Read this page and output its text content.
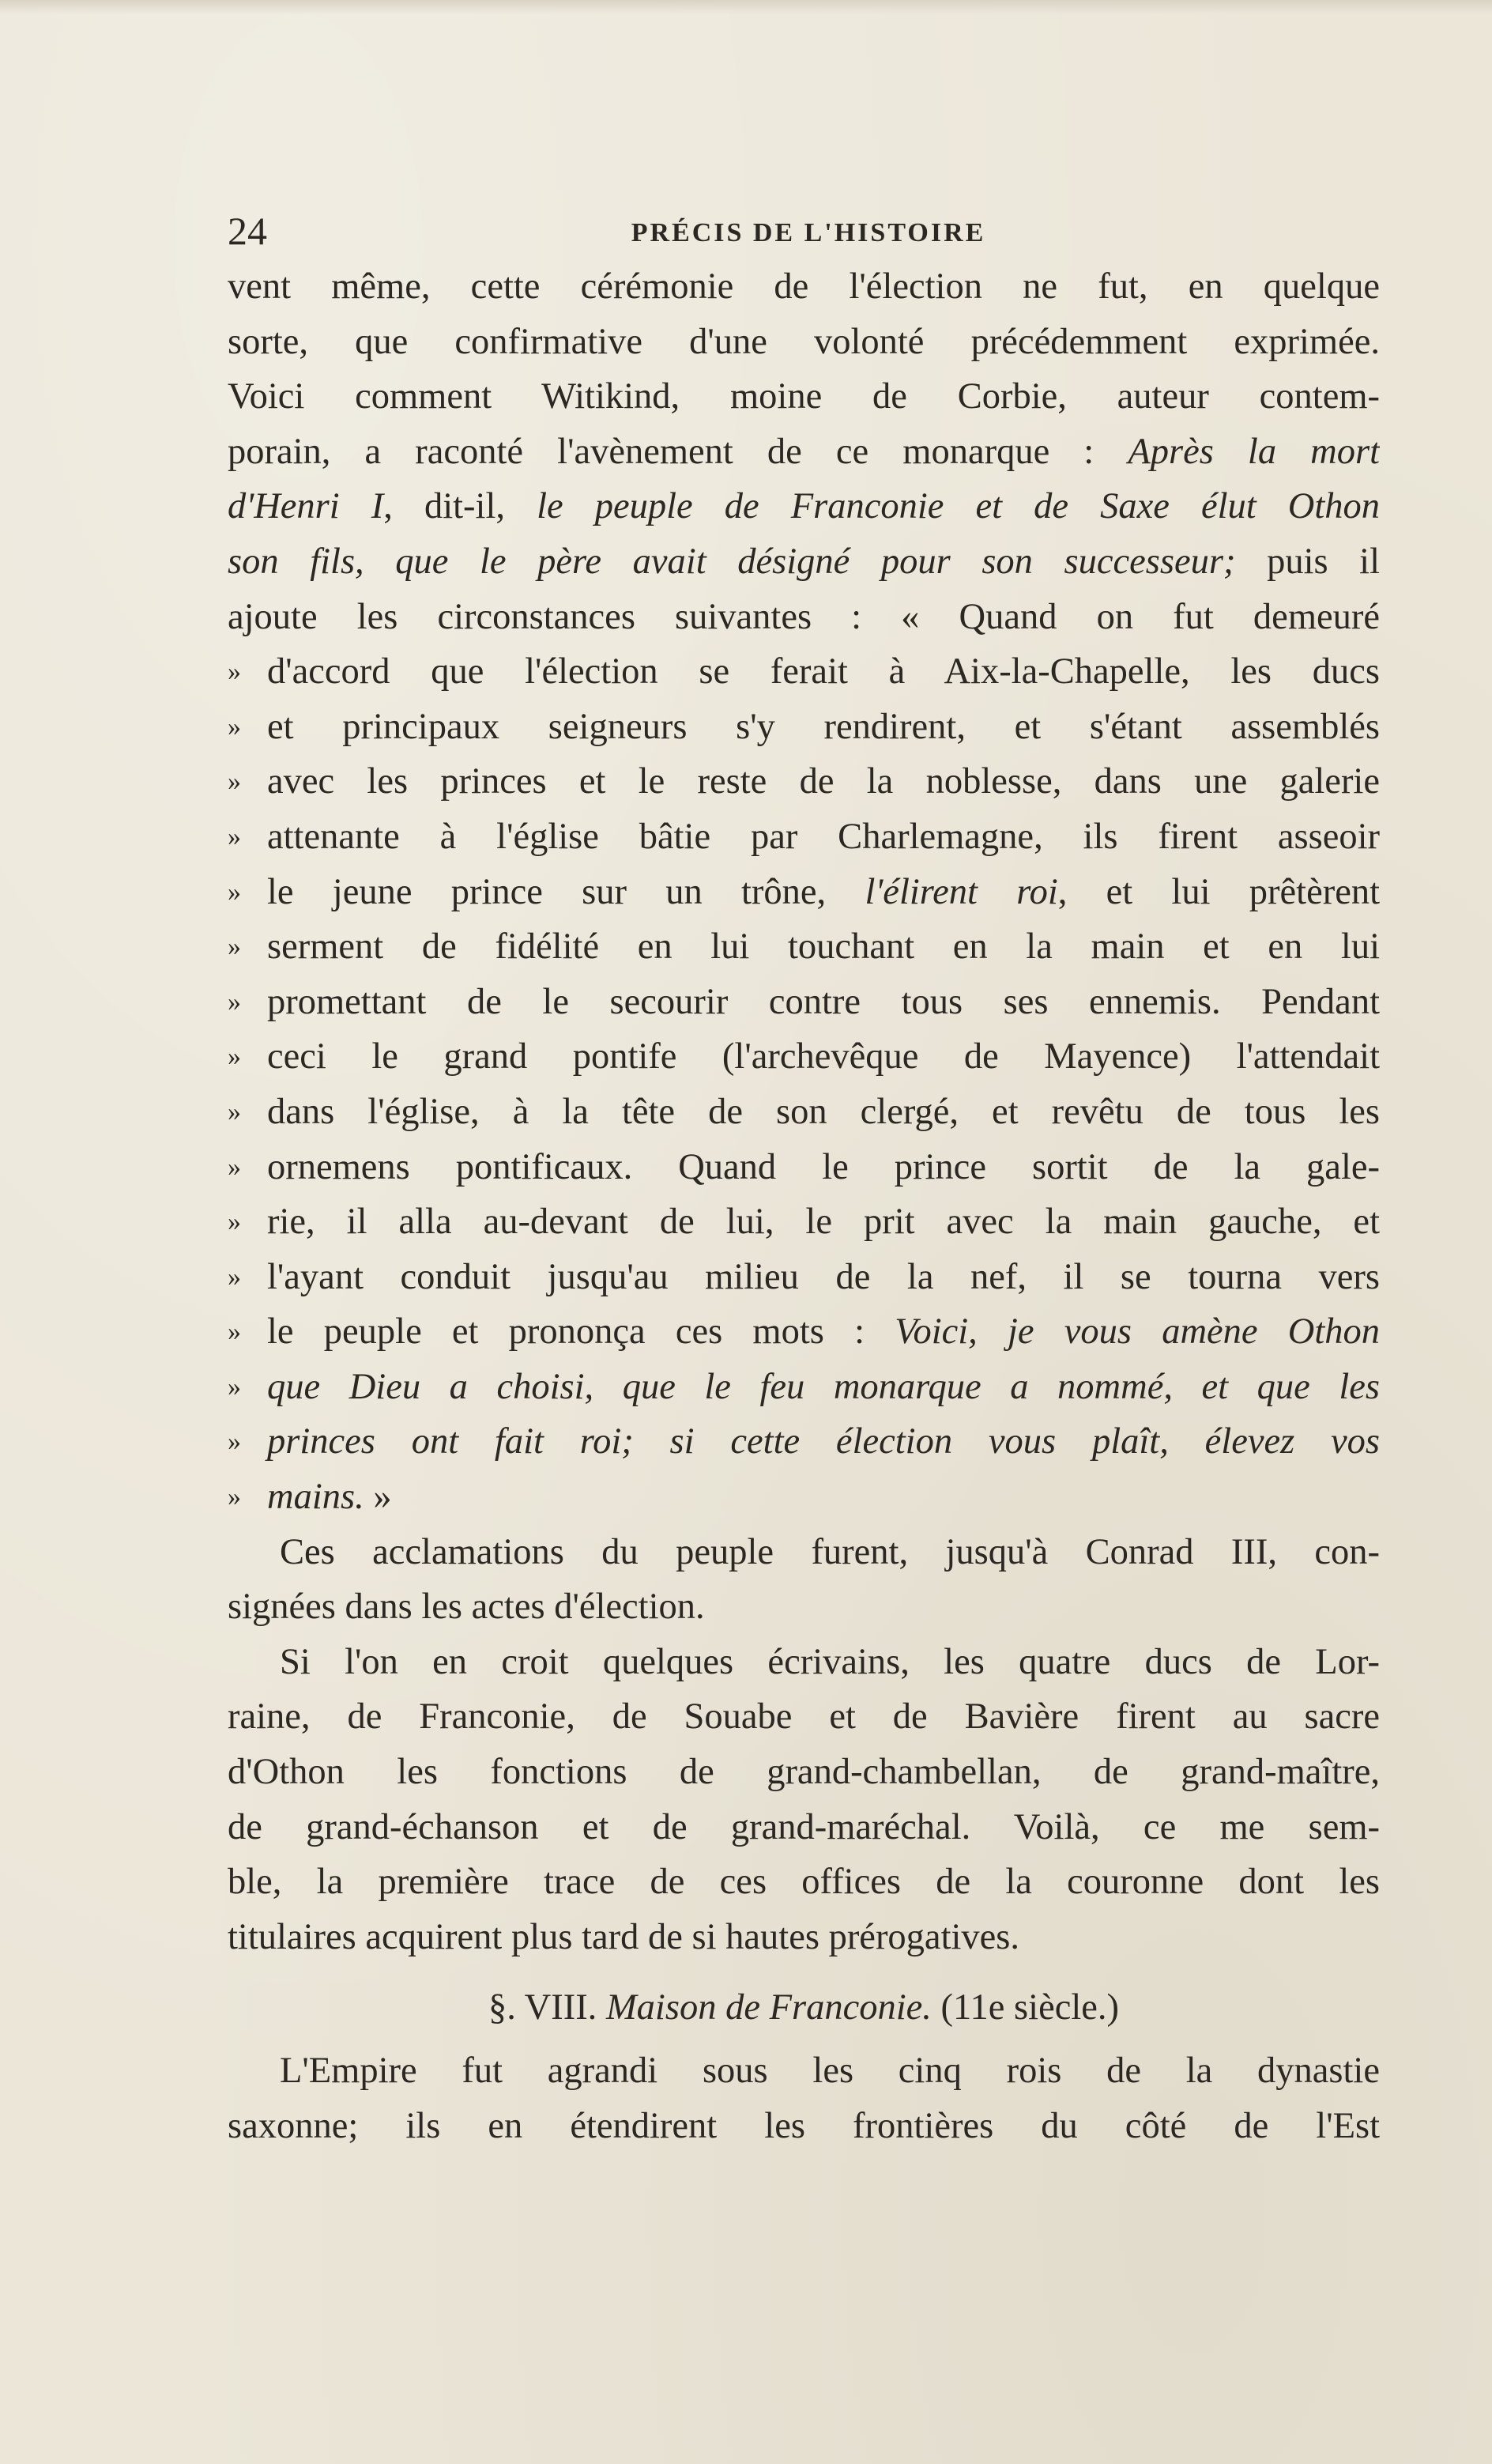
24	PRÉCIS DE L'HISTOIRE
vent même, cette cérémonie de l'élection ne fut, en quelque
sorte, que confirmative d'une volonté précédemment exprimée.
Voici comment Witikind, moine de Corbie, auteur contem-
porain, a raconté l'avènement de ce monarque : Après la mort
d'Henri I, dit-il, le peuple de Franconie et de Saxe élut Othon
son fils, que le père avait désigné pour son successeur; puis il
ajoute les circonstances suivantes : « Quand on fut demeuré
» d'accord que l'élection se ferait à Aix-la-Chapelle, les ducs
» et principaux seigneurs s'y rendirent, et s'étant assemblés
» avec les princes et le reste de la noblesse, dans une galerie
» attenante à l'église bâtie par Charlemagne, ils firent asseoir
» le jeune prince sur un trône, l'élirent roi, et lui prêtèrent
» serment de fidélité en lui touchant en la main et en lui
» promettant de le secourir contre tous ses ennemis. Pendant
» ceci le grand pontife (l'archevêque de Mayence) l'attendait
» dans l'église, à la tête de son clergé, et revêtu de tous les
» ornemens pontificaux. Quand le prince sortit de la gale-
» rie, il alla au-devant de lui, le prit avec la main gauche, et
» l'ayant conduit jusqu'au milieu de la nef, il se tourna vers
» le peuple et prononça ces mots : Voici, je vous amène Othon
» que Dieu a choisi, que le feu monarque a nommé, et que les
» princes ont fait roi; si cette élection vous plaît, élevez vos
» mains. »
Ces acclamations du peuple furent, jusqu'à Conrad III, con-
signées dans les actes d'élection.
Si l'on en croit quelques écrivains, les quatre ducs de Lor-
raine, de Franconie, de Souabe et de Bavière firent au sacre
d'Othon les fonctions de grand-chambellan, de grand-maître,
de grand-échanson et de grand-maréchal. Voilà, ce me sem-
ble, la première trace de ces offices de la couronne dont les
titulaires acquirent plus tard de si hautes prérogatives.
§. VIII. Maison de Franconie. (11e siècle.)
L'Empire fut agrandi sous les cinq rois de la dynastie
saxonne; ils en étendirent les frontières du côté de l'Est
